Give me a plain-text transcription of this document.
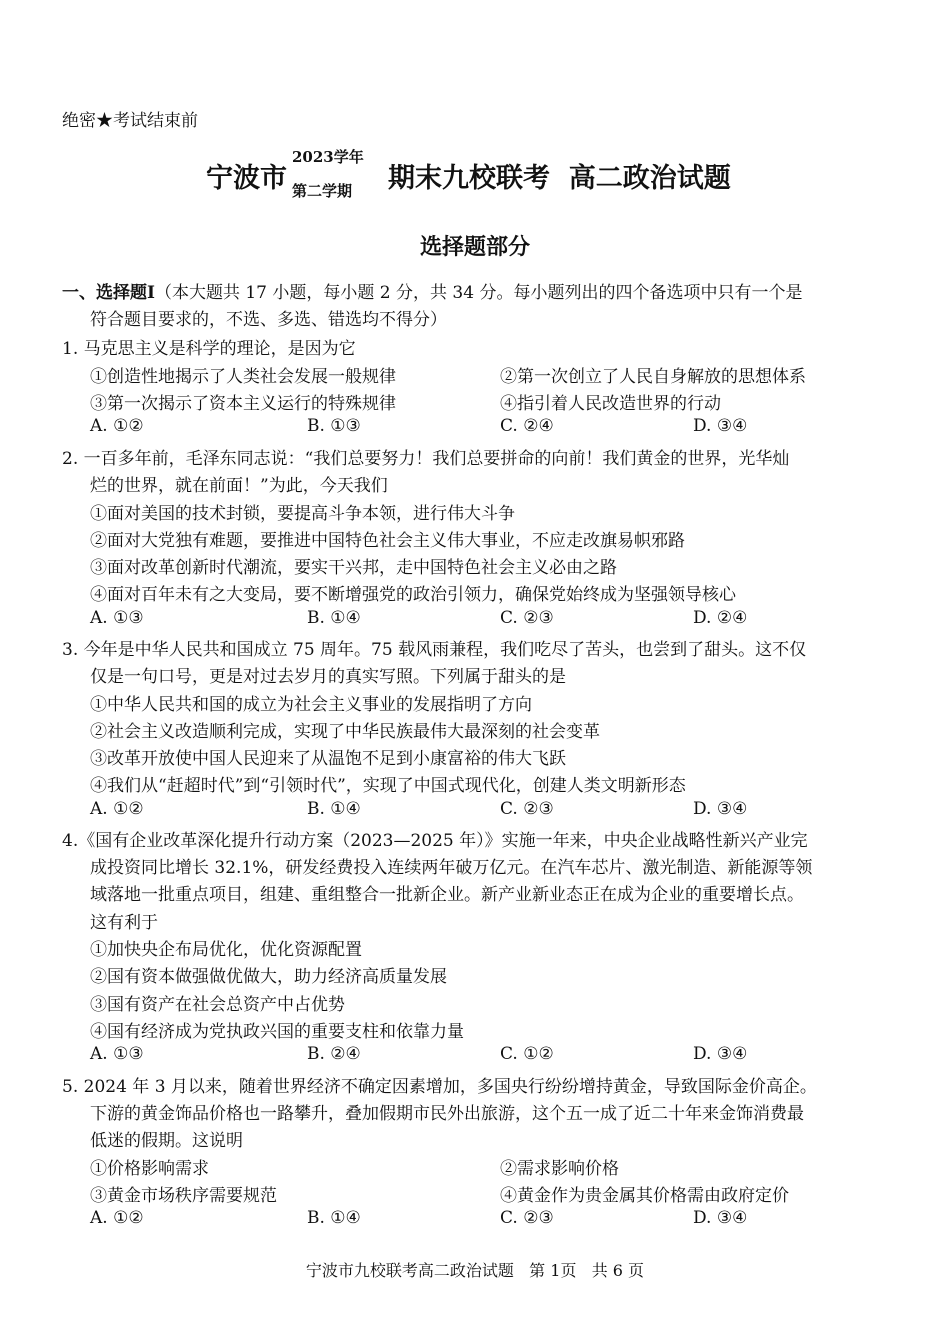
绝密★考试结束前
宁波市
2023学年
第二学期 期末九校联考  高二政治试题
选择题部分
一、选择题Ⅰ（本大题共 17 小题，每小题 2 分，共 34 分。每小题列出的四个备选项中只有一个是
符合题目要求的，不选、多选、错选均不得分）
1. 马克思主义是科学的理论，是因为它
①创造性地揭示了人类社会发展一般规律	②第一次创立了人民自身解放的思想体系
③第一次揭示了资本主义运行的特殊规律	④指引着人民改造世界的行动
A. ①②	B. ①③	C. ②④	D. ③④
2. 一百多年前，毛泽东同志说：“我们总要努力！我们总要拼命的向前！我们黄金的世界，光华灿
烂的世界，就在前面！”为此，今天我们
①面对美国的技术封锁，要提高斗争本领，进行伟大斗争
②面对大党独有难题，要推进中国特色社会主义伟大事业，不应走改旗易帜邪路
③面对改革创新时代潮流，要实干兴邦，走中国特色社会主义必由之路
④面对百年未有之大变局，要不断增强党的政治引领力，确保党始终成为坚强领导核心
A. ①③	B. ①④	C. ②③	D. ②④
3. 今年是中华人民共和国成立 75 周年。75 载风雨兼程，我们吃尽了苦头，也尝到了甜头。这不仅
仅是一句口号，更是对过去岁月的真实写照。下列属于甜头的是
①中华人民共和国的成立为社会主义事业的发展指明了方向
②社会主义改造顺利完成，实现了中华民族最伟大最深刻的社会变革
③改革开放使中国人民迎来了从温饱不足到小康富裕的伟大飞跃
④我们从“赶超时代”到“引领时代”，实现了中国式现代化，创建人类文明新形态
A. ①②	B. ①④	C. ②③	D. ③④
4.《国有企业改革深化提升行动方案（2023—2025 年）》实施一年来，中央企业战略性新兴产业完
成投资同比增长 32.1%，研发经费投入连续两年破万亿元。在汽车芯片、激光制造、新能源等领
域落地一批重点项目，组建、重组整合一批新企业。新产业新业态正在成为企业的重要增长点。
这有利于
①加快央企布局优化，优化资源配置
②国有资本做强做优做大，助力经济高质量发展
③国有资产在社会总资产中占优势
④国有经济成为党执政兴国的重要支柱和依靠力量
A. ①③	B. ②④	C. ①②	D. ③④
5. 2024 年 3 月以来，随着世界经济不确定因素增加，多国央行纷纷增持黄金，导致国际金价高企。
下游的黄金饰品价格也一路攀升，叠加假期市民外出旅游，这个五一成了近二十年来金饰消费最
低迷的假期。这说明
①价格影响需求	②需求影响价格
③黄金市场秩序需要规范	④黄金作为贵金属其价格需由政府定价
A. ①②	B. ①④	C. ②③	D. ③④
宁波市九校联考高二政治试题   第 1页   共 6 页
